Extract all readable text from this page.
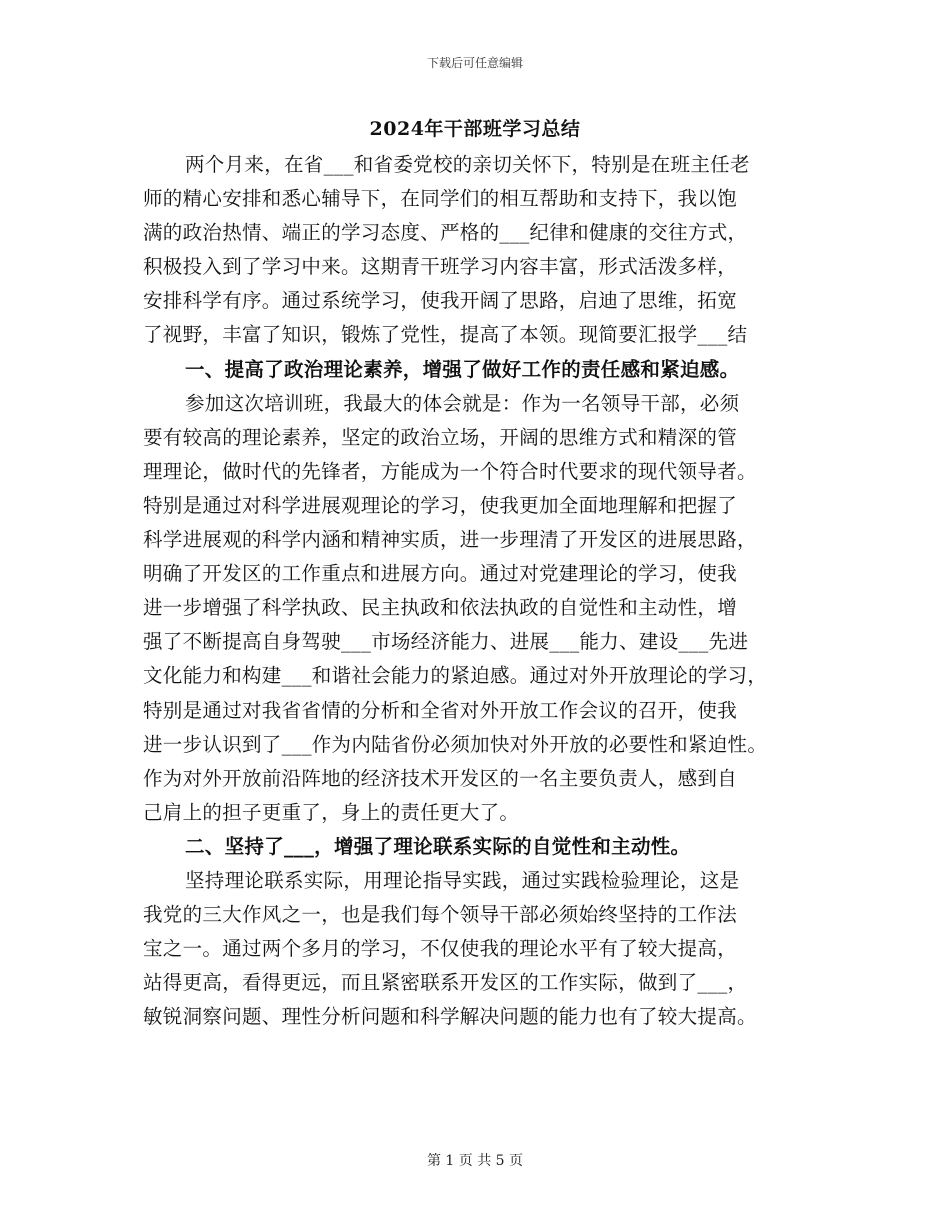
下载后可任意编辑
2024年干部班学习总结
两个月来，在省___和省委党校的亲切关怀下，特别是在班主任老
师的精心安排和悉心辅导下，在同学们的相互帮助和支持下，我以饱
满的政治热情、端正的学习态度、严格的___纪律和健康的交往方式，
积极投入到了学习中来。这期青干班学习内容丰富，形式活泼多样，
安排科学有序。通过系统学习，使我开阔了思路，启迪了思维，拓宽
了视野，丰富了知识，锻炼了党性，提高了本领。现简要汇报学___结
一、提高了政治理论素养，增强了做好工作的责任感和紧迫感。
参加这次培训班，我最大的体会就是：作为一名领导干部，必须
要有较高的理论素养，坚定的政治立场，开阔的思维方式和精深的管
理理论，做时代的先锋者，方能成为一个符合时代要求的现代领导者。
特别是通过对科学进展观理论的学习，使我更加全面地理解和把握了
科学进展观的科学内涵和精神实质，进一步理清了开发区的进展思路，
明确了开发区的工作重点和进展方向。通过对党建理论的学习，使我
进一步增强了科学执政、民主执政和依法执政的自觉性和主动性，增
强了不断提高自身驾驶___市场经济能力、进展___能力、建设___先进
文化能力和构建___和谐社会能力的紧迫感。通过对外开放理论的学习，
特别是通过对我省省情的分析和全省对外开放工作会议的召开，使我
进一步认识到了___作为内陆省份必须加快对外开放的必要性和紧迫性。
作为对外开放前沿阵地的经济技术开发区的一名主要负责人，感到自
己肩上的担子更重了，身上的责任更大了。
二、坚持了___，增强了理论联系实际的自觉性和主动性。
坚持理论联系实际，用理论指导实践，通过实践检验理论，这是
我党的三大作风之一，也是我们每个领导干部必须始终坚持的工作法
宝之一。通过两个多月的学习，不仅使我的理论水平有了较大提高，
站得更高，看得更远，而且紧密联系开发区的工作实际，做到了___，
敏锐洞察问题、理性分析问题和科学解决问题的能力也有了较大提高。
第 1 页 共 5 页
